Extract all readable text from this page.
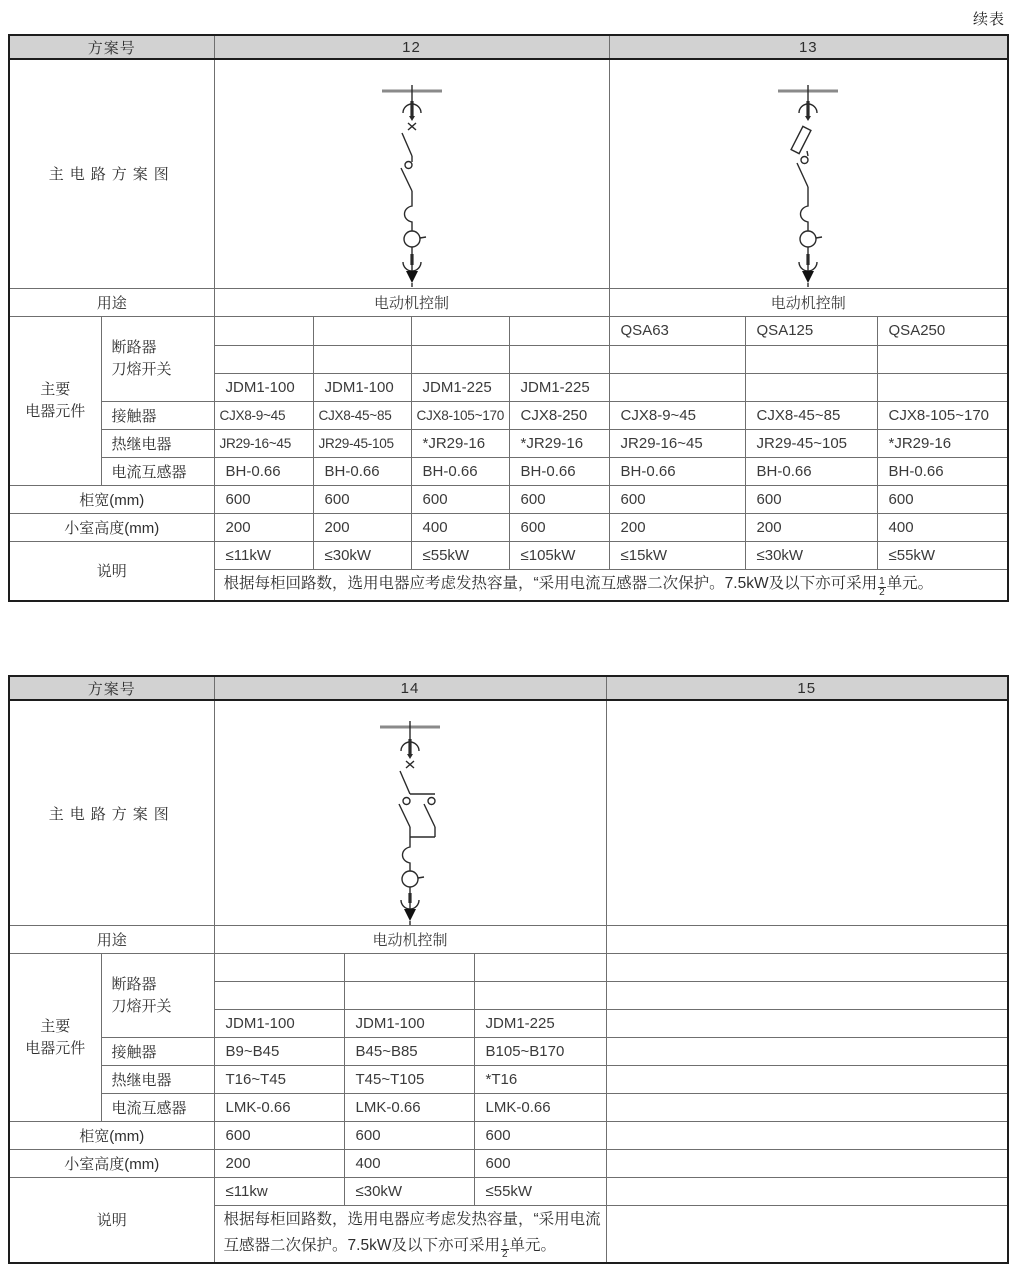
续表
方案号		12				13		
主电路方案图	

用途		电动机控制				电动机控制		

主要
电器元件	断路器
刀熔开关					QSA63	QSA125	QSA250

		JDM1-100	JDM1-100	JDM1-225	JDM1-225			
	接触器	CJX8-9~45	CJX8-45~85	CJX8-105~170	CJX8-250	CJX8-9~45	CJX8-45~85	CJX8-105~170
	热继电器	JR29-16~45	JR29-45-105	*JR29-16	*JR29-16	JR29-16~45	JR29-45~105	*JR29-16
	电流互感器	BH-0.66	BH-0.66	BH-0.66	BH-0.66	BH-0.66	BH-0.66	BH-0.66
柜宽(mm)		600	600	600	600	600	600	600
小室高度(mm)		200	200	400	600	200	200	400
说明		≤11kW	≤30kW	≤55kW	≤105kW	≤15kW	≤30kW	≤55kW
		根据每柜回路数，选用电器应考虑发热容量，“采用电流互感器二次保护。7.5kW及以下亦可采用 $\frac{1}{2}$ 单元。						
方案号		14			15
主电路方案图	

用途		电动机控制			

主要
电器元件	断路器
刀熔开关				

		JDM1-100	JDM1-100	JDM1-225	
	接触器	B9~B45	B45~B85	B105~B170	
	热继电器	T16~T45	T45~T105	*T16	
	电流互感器	LMK-0.66	LMK-0.66	LMK-0.66	
柜宽(mm)		600	600	600	
小室高度(mm)		200	400	600	
说明		≤11kw	≤30kW	≤55kW	
		根据每柜回路数，选用电器应考虑发热容量，“采用电流互感器二次保护。7.5kW及以下亦可采用 $\frac{1}{2}$ 单元。			
